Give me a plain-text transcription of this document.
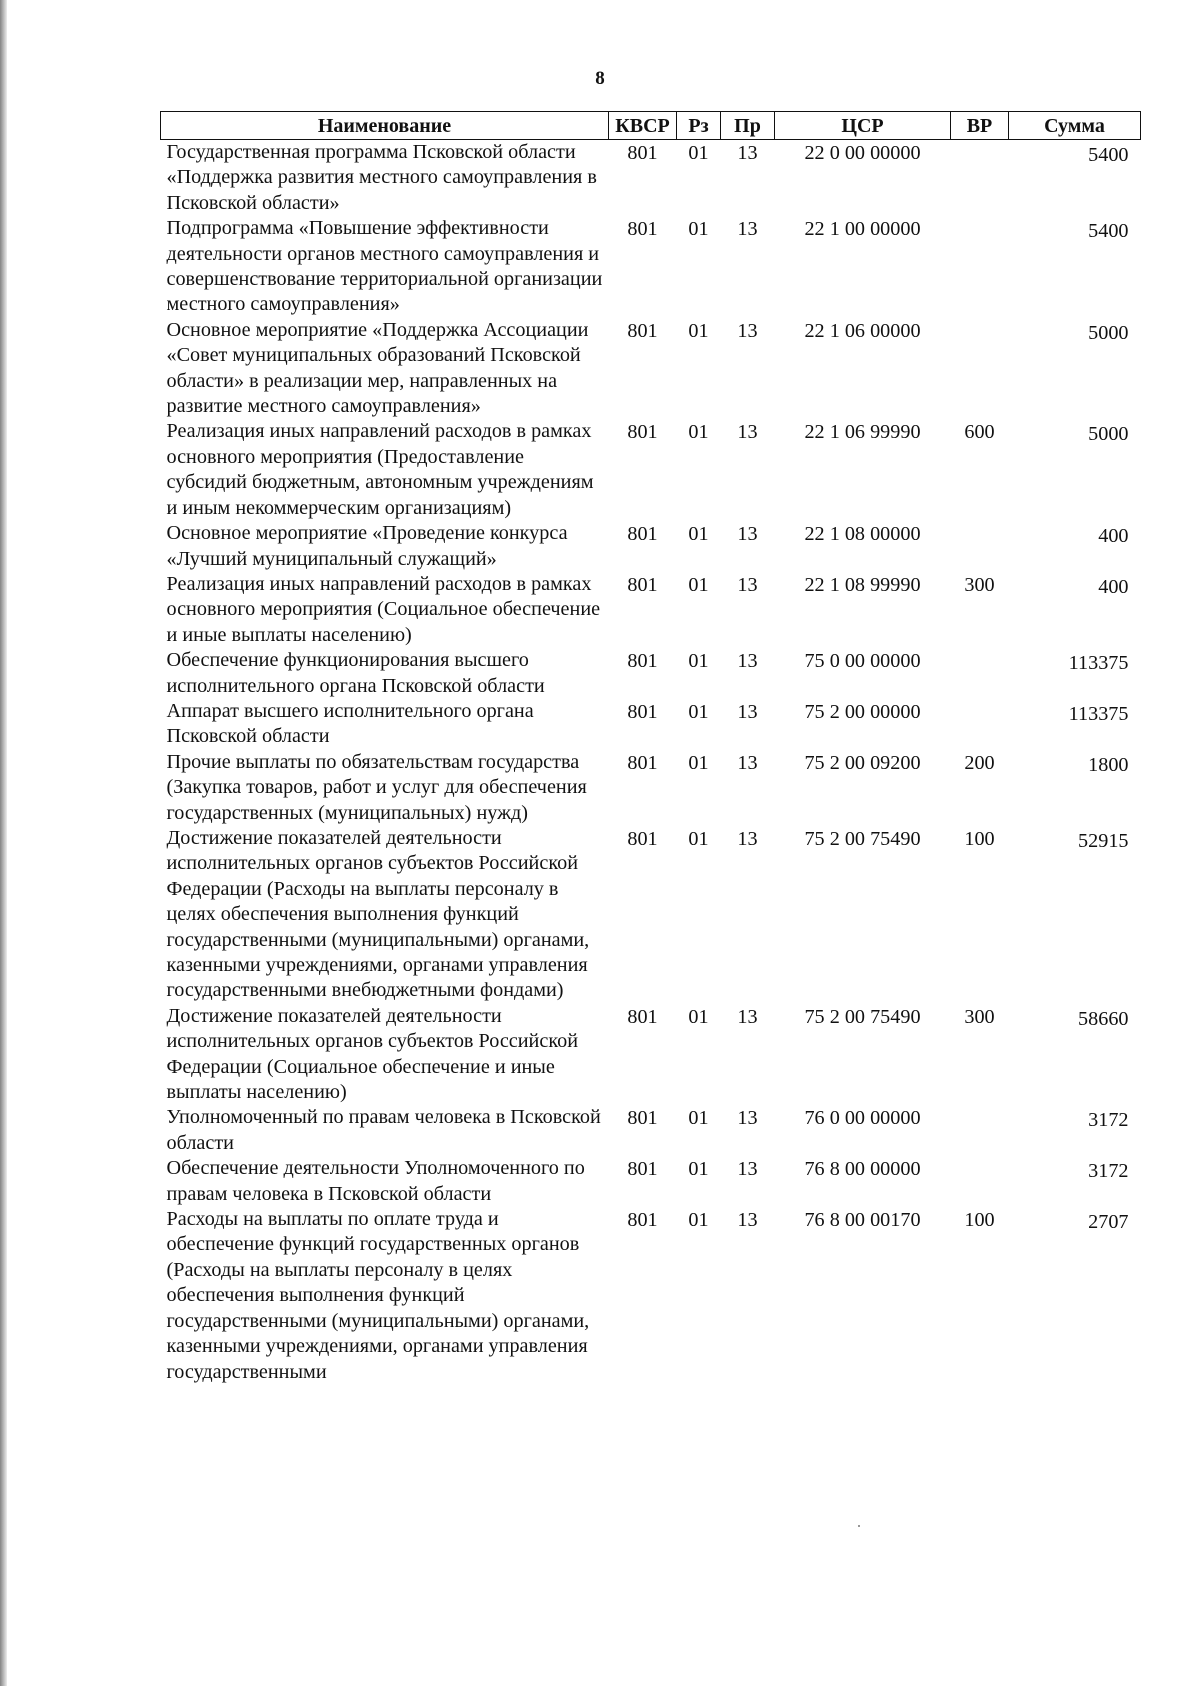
8
Наименование	КВСР	Рз	Пр	ЦСР	ВР	Сумма
Государственная программа Псковской области «Поддержка развития местного самоуправления в Псковской области»	801	01	13	22 0 00 00000		5400
Подпрограмма «Повышение эффективности деятельности органов местного самоуправления и совершенствование территориальной организации местного самоуправления»	801	01	13	22 1 00 00000		5400
Основное мероприятие «Поддержка Ассоциации «Совет муниципальных образований Псковской области» в реализации мер, направленных на развитие местного самоуправления»	801	01	13	22 1 06 00000		5000
Реализация иных направлений расходов в рамках основного мероприятия (Предоставление субсидий бюджетным, автономным учреждениям и иным некоммерческим организациям)	801	01	13	22 1 06 99990	600	5000
Основное мероприятие «Проведение конкурса «Лучший муниципальный служащий»	801	01	13	22 1 08 00000		400
Реализация иных направлений расходов в рамках основного мероприятия (Социальное обеспечение и иные выплаты населению)	801	01	13	22 1 08 99990	300	400
Обеспечение функционирования высшего исполнительного органа Псковской области	801	01	13	75 0 00 00000		113375
Аппарат высшего исполнительного органа Псковской области	801	01	13	75 2 00 00000		113375
Прочие выплаты по обязательствам государства (Закупка товаров, работ и услуг для обеспечения государственных (муниципальных) нужд)	801	01	13	75 2 00 09200	200	1800
Достижение показателей деятельности исполнительных органов субъектов Российской Федерации (Расходы на выплаты персоналу в целях обеспечения выполнения функций государственными (муниципальными) органами, казенными учреждениями, органами управления государственными внебюджетными фондами)	801	01	13	75 2 00 75490	100	52915
Достижение показателей деятельности исполнительных органов субъектов Российской Федерации (Социальное обеспечение и иные выплаты населению)	801	01	13	75 2 00 75490	300	58660
Уполномоченный по правам человека в Псковской области	801	01	13	76 0 00 00000		3172
Обеспечение деятельности Уполномоченного по правам человека в Псковской области	801	01	13	76 8 00 00000		3172
Расходы на выплаты по оплате труда и обеспечение функций государственных органов (Расходы на выплаты персоналу в целях обеспечения выполнения функций государственными (муниципальными) органами, казенными учреждениями, органами управления государственными	801	01	13	76 8 00 00170	100	2707
